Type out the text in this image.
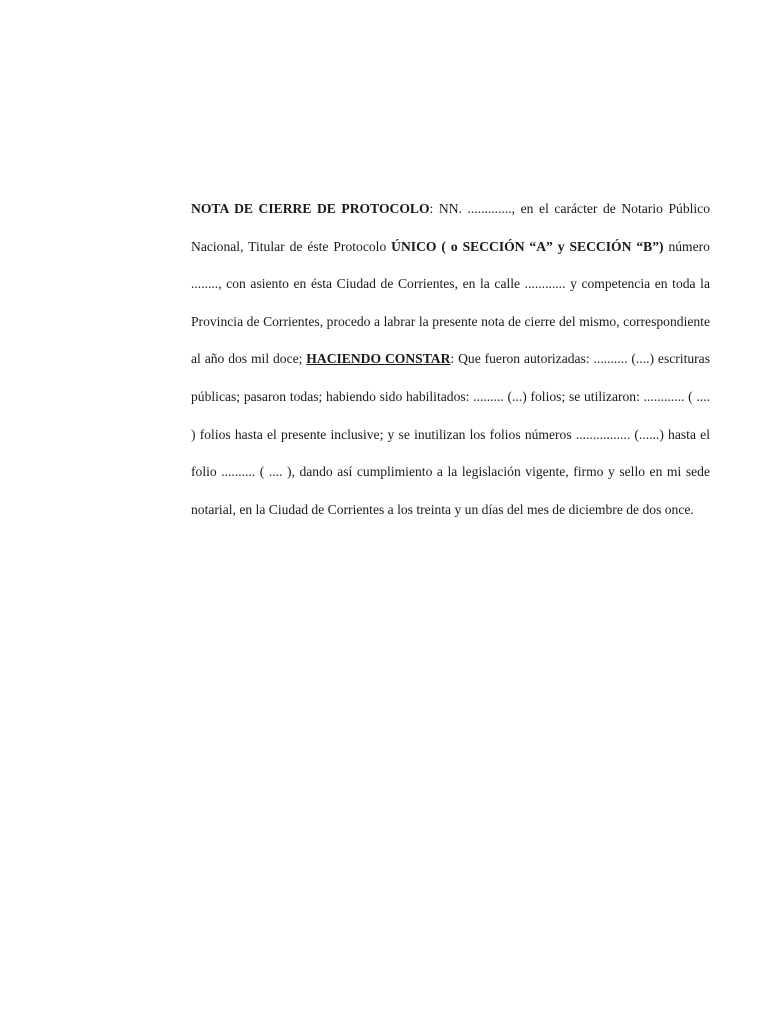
NOTA DE CIERRE DE PROTOCOLO: NN. ............., en el carácter de Notario Público Nacional, Titular de éste Protocolo ÚNICO ( o SECCIÓN “A” y SECCIÓN “B”) número ........, con asiento en ésta Ciudad de Corrientes, en la calle ............ y competencia en toda la Provincia de Corrientes, procedo a labrar la presente nota de cierre del mismo, correspondiente al año dos mil doce; HACIENDO CONSTAR: Que fueron autorizadas: .......... (....) escrituras públicas; pasaron todas; habiendo sido habilitados: ......... (...) folios; se utilizaron: ............ ( .... ) folios hasta el presente inclusive; y se inutilizan los folios números ................ (......) hasta el folio .......... ( .... ), dando así cumplimiento a la legislación vigente, firmo y sello en mi sede notarial, en la Ciudad de Corrientes a los treinta y un días del mes de diciembre de dos once.
